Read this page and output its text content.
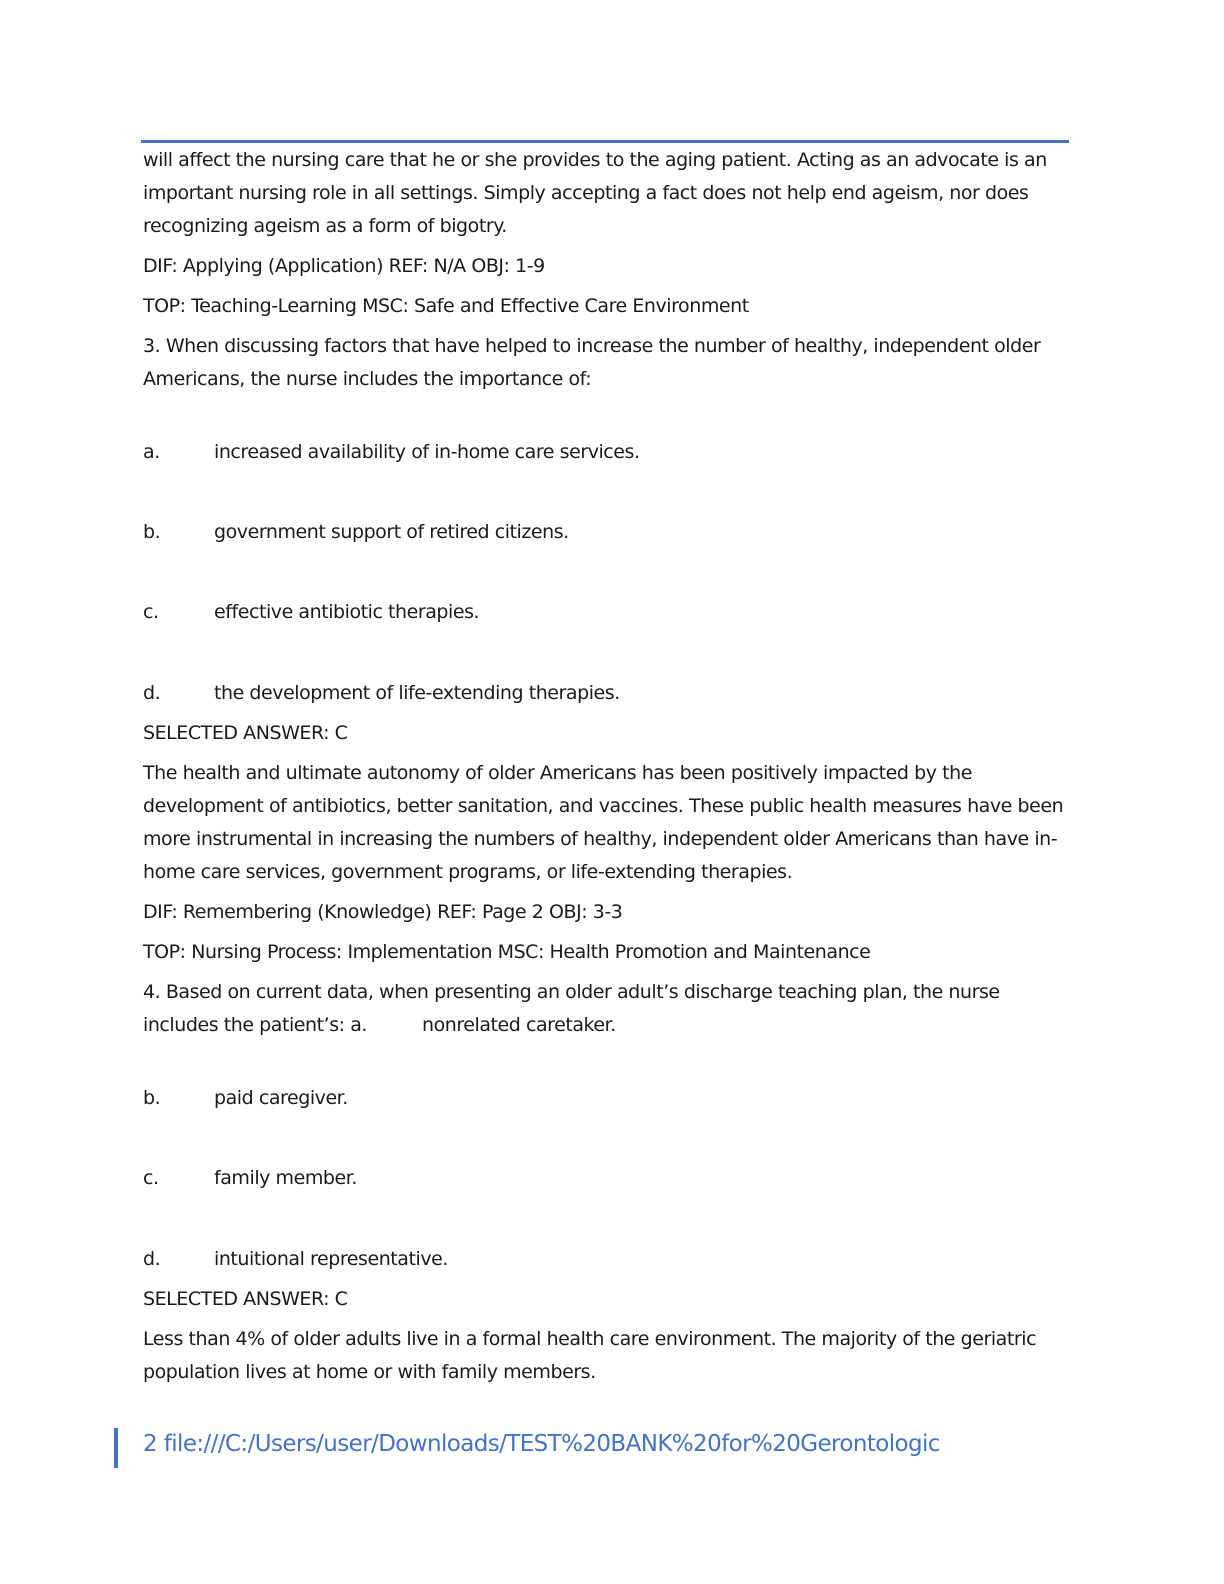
will affect the nursing care that he or she provides to the aging patient. Acting as an advocate is an important nursing role in all settings. Simply accepting a fact does not help end ageism, nor does recognizing ageism as a form of bigotry.

DIF: Applying (Application) REF: N/A OBJ: 1-9

TOP: Teaching-Learning MSC: Safe and Effective Care Environment

3. When discussing factors that have helped to increase the number of healthy, independent older Americans, the nurse includes the importance of:

a.	increased availability of in-home care services.
b.	government support of retired citizens.
c.	effective antibiotic therapies.
d.	the development of life-extending therapies.

SELECTED ANSWER: C

The health and ultimate autonomy of older Americans has been positively impacted by the development of antibiotics, better sanitation, and vaccines. These public health measures have been more instrumental in increasing the numbers of healthy, independent older Americans than have in-home care services, government programs, or life-extending therapies.

DIF: Remembering (Knowledge) REF: Page 2 OBJ: 3-3

TOP: Nursing Process: Implementation MSC: Health Promotion and Maintenance

4. Based on current data, when presenting an older adult’s discharge teaching plan, the nurse
includes the patient’s: a.	nonrelated caretaker.

b.	paid caregiver.
c.	family member.
d.	intuitional representative.

SELECTED ANSWER: C

Less than 4% of older adults live in a formal health care environment. The majority of the geriatric population lives at home or with family members.

2 file:///C:/Users/user/Downloads/TEST%20BANK%20for%20Gerontologic
